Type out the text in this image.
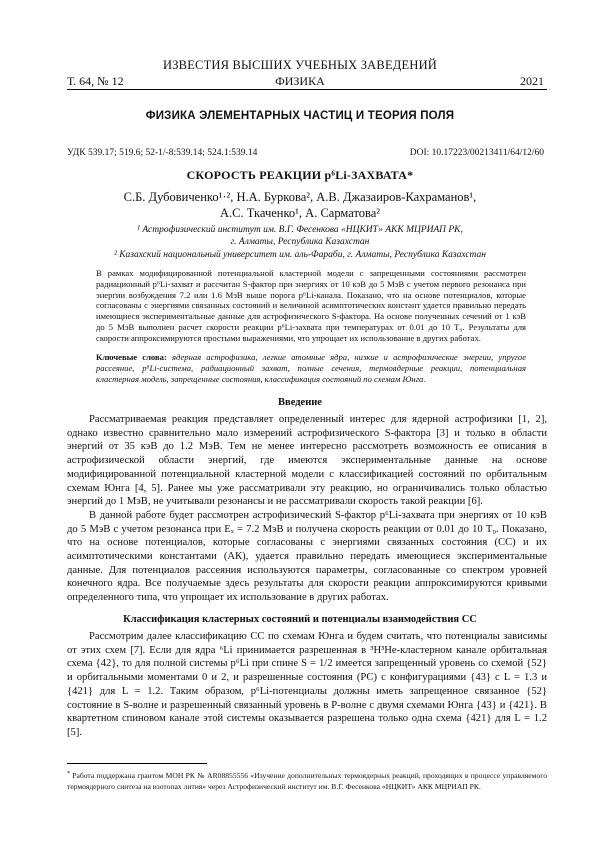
ИЗВЕСТИЯ ВЫСШИХ УЧЕБНЫХ ЗАВЕДЕНИЙ
Т. 64, № 12	ФИЗИКА	2021
ФИЗИКА ЭЛЕМЕНТАРНЫХ ЧАСТИЦ И ТЕОРИЯ ПОЛЯ
УДК 539.17; 519.6; 52-1/-8:539.14; 524.1:539.14	DOI: 10.17223/00213411/64/12/60
СКОРОСТЬ РЕАКЦИИ p⁶Li-ЗАХВАТА*
С.Б. Дубовиченко¹·², Н.А. Буркова², А.В. Джазаиров-Кахраманов¹,
А.С. Ткаченко¹, А. Сарматова²
¹ Астрофизический институт им. В.Г. Фесенкова «НЦКИТ» АКК МЦРИАП РК,
г. Алматы, Республика Казахстан
² Казахский национальный университет им. аль-Фараби, г. Алматы, Республика Казахстан
В рамках модифицированной потенциальной кластерной модели с запрещенными состояниями рассмотрен радиационный p⁶Li-захват и рассчитан S-фактор при энергиях от 10 кэВ до 5 МэВ с учетом первого резонанса при энергии возбуждения 7.2 или 1.6 МэВ выше порога p⁶Li-канала. Показано, что на основе потенциалов, которые согласованы с энергиями связанных состояний и величиной асимптотических констант удается правильно передать имеющиеся экспериментальные данные для астрофизического S-фактора. На основе полученных сечений от 1 кэВ до 5 МэВ выполнен расчет скорости реакции p⁶Li-захвата при температурах от 0.01 до 10 T₉. Результаты для скорости аппроксимируются простыми выражениями, что упрощает их использование в других работах.
Ключевые слова: ядерная астрофизика, легкие атомные ядра, низкие и астрофизические энергии, упругое рассеяние, p⁶Li-система, радиационный захват, полные сечения, термоядерные реакции, потенциальная кластерная модель, запрещенные состояния, классификация состояний по схемам Юнга.
Введение

Рассматриваемая реакция представляет определенный интерес для ядерной астрофизики [1, 2], однако известно сравнительно мало измерений астрофизического S-фактора [3] и только в области энергий от 35 кэВ до 1.2 МэВ. Тем не менее интересно рассмотреть возможность ее описания в астрофизической области энергий, где имеются экспериментальные данные на основе модифицированной потенциальной кластерной модели с классификацией состояний по орбитальным схемам Юнга [4, 5]. Ранее мы уже рассматривали эту реакцию, но ограничивались только областью энергий до 1 МэВ, не учитывали резонансы и не рассматривали скорость такой реакции [6].

В данной работе будет рассмотрен астрофизический S-фактор p⁶Li-захвата при энергиях от 10 кэВ до 5 МэВ с учетом резонанса при Eₓ = 7.2 МэВ и получена скорость реакции от 0.01 до 10 T₉. Показано, что на основе потенциалов, которые согласованы с энергиями связанных состояния (СС) и их асимптотическими константами (АК), удается правильно передать имеющиеся экспериментальные данные. Для потенциалов рассеяния используются параметры, согласованные со спектром уровней конечного ядра. Все получаемые здесь результаты для скорости реакции аппроксимируются кривыми определенного типа, что упрощает их использование в других работах.

Классификация кластерных состояний и потенциалы взаимодействия СС

Рассмотрим далее классификацию СС по схемам Юнга и будем считать, что потенциалы зависимы от этих схем [7]. Если для ядра ⁶Li принимается разрешенная в ³H³He-кластерном канале орбитальная схема {42}, то для полной системы p⁶Li при спине S = 1/2 имеется запрещенный уровень со схемой {52} и орбитальными моментами 0 и 2, и разрешенные состояния (РС) с конфигурациями {43} с L = 1.3 и {421} для L = 1.2. Таким образом, p⁶Li-потенциалы должны иметь запрещенное связанное {52} состояние в S-волне и разрешенный связанный уровень в P-волне с двумя схемами Юнга {43} и {421}. В квартетном спиновом канале этой системы оказывается разрешена только одна схема {421} для L = 1.2 [5].

* Работа поддержана грантом МОН РК № AR08855556 «Изучение дополнительных термоядерных реакций, проходящих в процессе управляемого термоядерного синтеза на изотопах лития» через Астрофизический институт им. В.Г. Фесенкова «НЦКИТ» АКК МЦРИАП РК.
